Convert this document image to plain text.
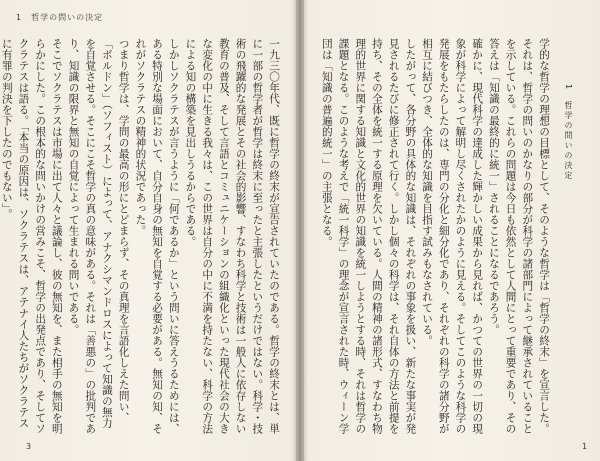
1　哲学の問いの決定

一九三〇年代、既に哲学の終末が宣告されていたのである。哲学の終末とは、単に一部の哲学者が哲学は終末に至ったと主張したというだけではない。科学・技術の飛躍的な発展とその社会的影響、すなわち科学と技術は一般人に依存しない教育の普及、そして言語とコミュニケーションの組織化といった現代社会の大きな変化の中に生きる我々は、この世界は自分の中に不満を持たない、科学の方法による知の構築を見出しうるからである。

しかしソクラテスが言うように「何であるか」という問いに答えうるためには、ある特別な場面において、自分自身の無知を自覚する必要がある。無知の知、それがソクラテスの精神的状況であった。

つまり哲学は、学問の最高の形にとどまらず、その真理を言語化しえた問い、「ボルドン」（ソフィスト）によって、アナクシマンドロスによって知識の無力を自覚させる。そこにこそ哲学の真の意味がある。それは「善悪の」の批判であり、知識の限界と無知の自覚によって生まれる問いである。

そこでソクラテスは市場に出て人々と議論し、彼の無知を、また相手の無知を明らかにした。この根本的な問いかけの営みこそ、哲学の出発点であり、そしてソクラテスは語る。「本当の原因は、ソクラテスは、アテナイ人たちがソクラテスに有罪の判決を下したのでもない」。

3

学的な哲学の理想の目標として、そのような哲学は「哲学の終末」を宣言した。それは、哲学の問いのかなりの部分が科学の諸部門によって継承されていることを示している。これらの問題は今日も依然として人間にとって重要であり、その答えは「知識の最終的に統一」されることになるであろう。

確かに、現代科学の達成した輝かしい成果から見れば、かつての世界の一切の現象が科学によって解明し尽くされたかのように見える。そしてこのような科学の発展をもたらしたのは、専門の分化と細分化であり、それぞれの科学の諸分野が相互に結びつき、全体的な知識を目指す試みもなされている。

したがって、各分野の具体的な知識は、それぞれの事象を扱い、新たな事実が発見されるたびに修正されて行く。しかし個々の科学は、それ自体の方法と前提を持ち、その全体を統一する原理を欠いている。人間の精神の諸形式、すなわち物理的世界に関する知識と文化的世界の知識を統一しようとする時、それは哲学の課題となる。このような考えで「統一科学」の理念が宣言された時、ウィーン学団は「知識の普遍的統一」の主張となる。	1　哲学の問いの決定
1
